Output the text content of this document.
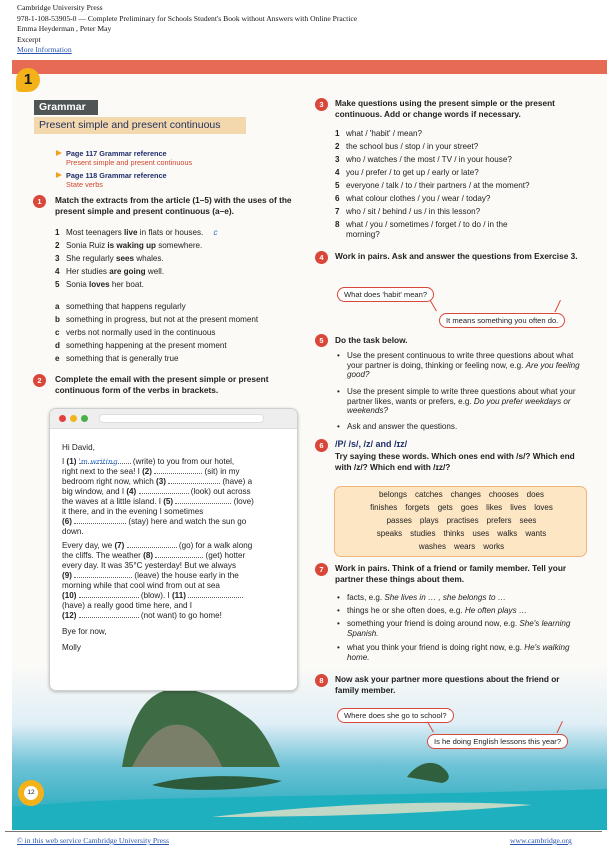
Cambridge University Press
978-1-108-53905-0 — Complete Preliminary for Schools Student's Book without Answers with Online Practice
Emma Heyderman , Peter May
Excerpt
More Information
1
Grammar
Present simple and present continuous
Page 117 Grammar reference
Present simple and present continuous
Page 118 Grammar reference
State verbs
1	Match the extracts from the article (1–5) with the uses of the present simple and present continuous (a–e).
1 Most teenagers live in flats or houses. c
2 Sonia Ruiz is waking up somewhere.
3 She regularly sees whales.
4 Her studies are going well.
5 Sonia loves her boat.
a something that happens regularly
b something in progress, but not at the present moment
c verbs not normally used in the continuous
d something happening at the present moment
e something that is generally true
2	Complete the email with the present simple or present continuous form of the verbs in brackets.
Hi David,
I (1) 'm writing (write) to you from our hotel,
right next to the sea! I (2)	(sit) in my
bedroom right now, which (3)	(have) a
big window, and I (4)	(look) out across
the waves at a little island. I (5)	(love)
it there, and in the evening I sometimes
(6)	(stay) here and watch the sun go
down.
Every day, we (7)	(go) for a walk along
the cliffs. The weather (8)	(get) hotter
every day. It was 35°C yesterday! But we always
(9)	(leave) the house early in the
morning while that cool wind from out at sea
(10)	(blow). I (11)
(have) a really good time here, and I
(12)	(not want) to go home!
Bye for now,
Molly
3	Make questions using the present simple or the present continuous. Add or change words if necessary.
1 what / 'habit' / mean?
2 the school bus / stop / in your street?
3 who / watches / the most / TV / in your house?
4 you / prefer / to get up / early or late?
5 everyone / talk / to / their partners / at the moment?
6 what colour clothes / you / wear / today?
7 who / sit / behind / us / in this lesson?
8 what / you / sometimes / forget / to do / in the morning?
4	Work in pairs. Ask and answer the questions from Exercise 3.
What does 'habit' mean?
It means something you often do.
5	Do the task below.
• Use the present continuous to write three questions about what your partner is doing, thinking or feeling now, e.g. Are you feeling good?
• Use the present simple to write three questions about what your partner likes, wants or prefers, e.g. Do you prefer weekdays or weekends?
• Ask and answer the questions.
6	/P/ /s/, /z/ and /ɪz/
Try saying these words. Which ones end with /s/? Which end with /z/? Which end with /ɪz/?
belongs catches changes chooses does
finishes forgets gets goes likes lives loves
passes plays practises prefers sees
speaks studies thinks uses walks wants
washes wears works
7	Work in pairs. Think of a friend or family member. Tell your partner these things about them.
• facts, e.g. She lives in … , she belongs to …
• things he or she often does, e.g. He often plays …
• something your friend is doing around now, e.g. She's learning Spanish.
• what you think your friend is doing right now, e.g. He's walking home.
8	Now ask your partner more questions about the friend or family member.
Where does she go to school?
Is he doing English lessons this year?
12
© in this web service Cambridge University Press	www.cambridge.org
